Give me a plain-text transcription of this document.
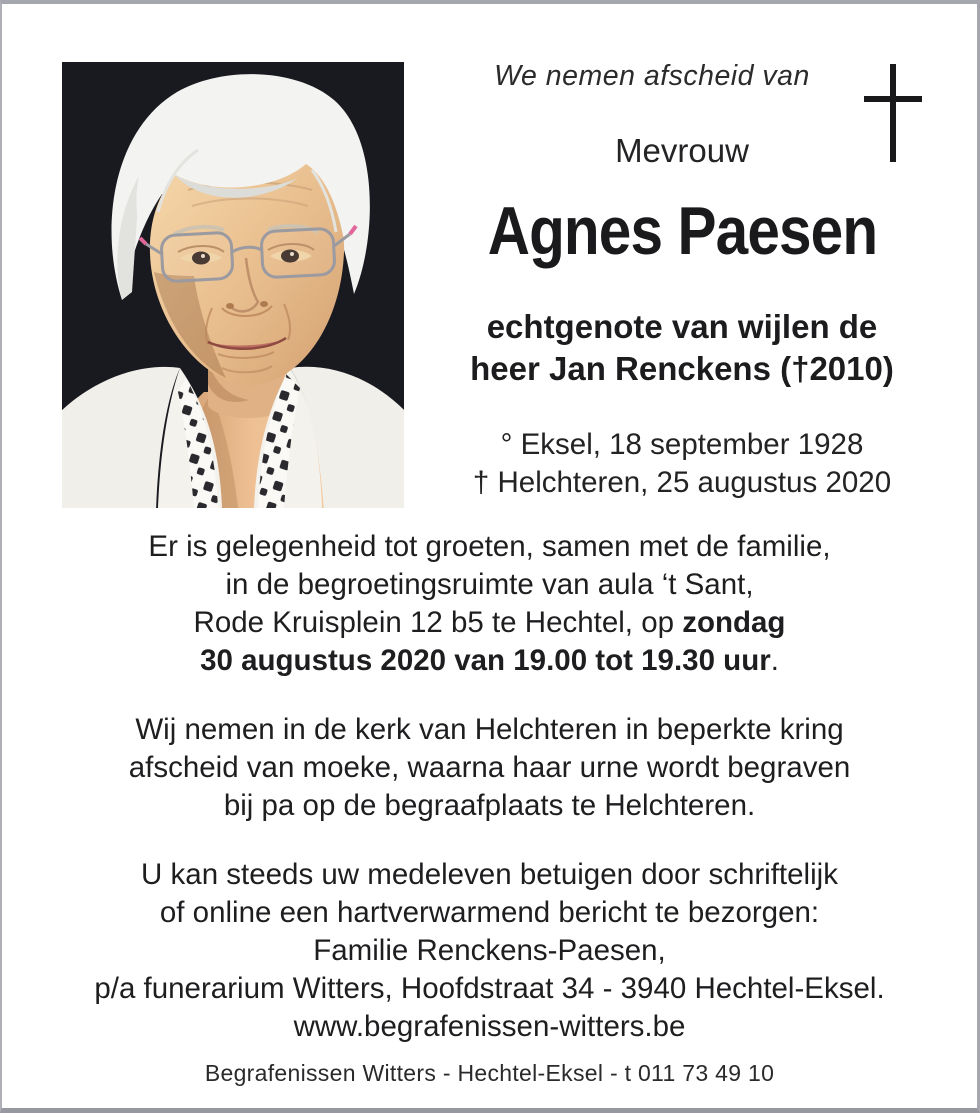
We nemen afscheid van
Mevrouw
Agnes Paesen
echtgenote van wijlen de
heer Jan Renckens (†2010)
° Eksel, 18 september 1928
† Helchteren, 25 augustus 2020

Er is gelegenheid tot groeten, samen met de familie,
in de begroetingsruimte van aula ‘t Sant,
Rode Kruisplein 12 b5 te Hechtel, op zondag
30 augustus 2020 van 19.00 tot 19.30 uur.

Wij nemen in de kerk van Helchteren in beperkte kring
afscheid van moeke, waarna haar urne wordt begraven
bij pa op de begraafplaats te Helchteren.

U kan steeds uw medeleven betuigen door schriftelijk
of online een hartverwarmend bericht te bezorgen:
Familie Renckens-Paesen,
p/a funerarium Witters, Hoofdstraat 34 - 3940 Hechtel-Eksel.
www.begrafenissen-witters.be

Begrafenissen Witters - Hechtel-Eksel - t 011 73 49 10
